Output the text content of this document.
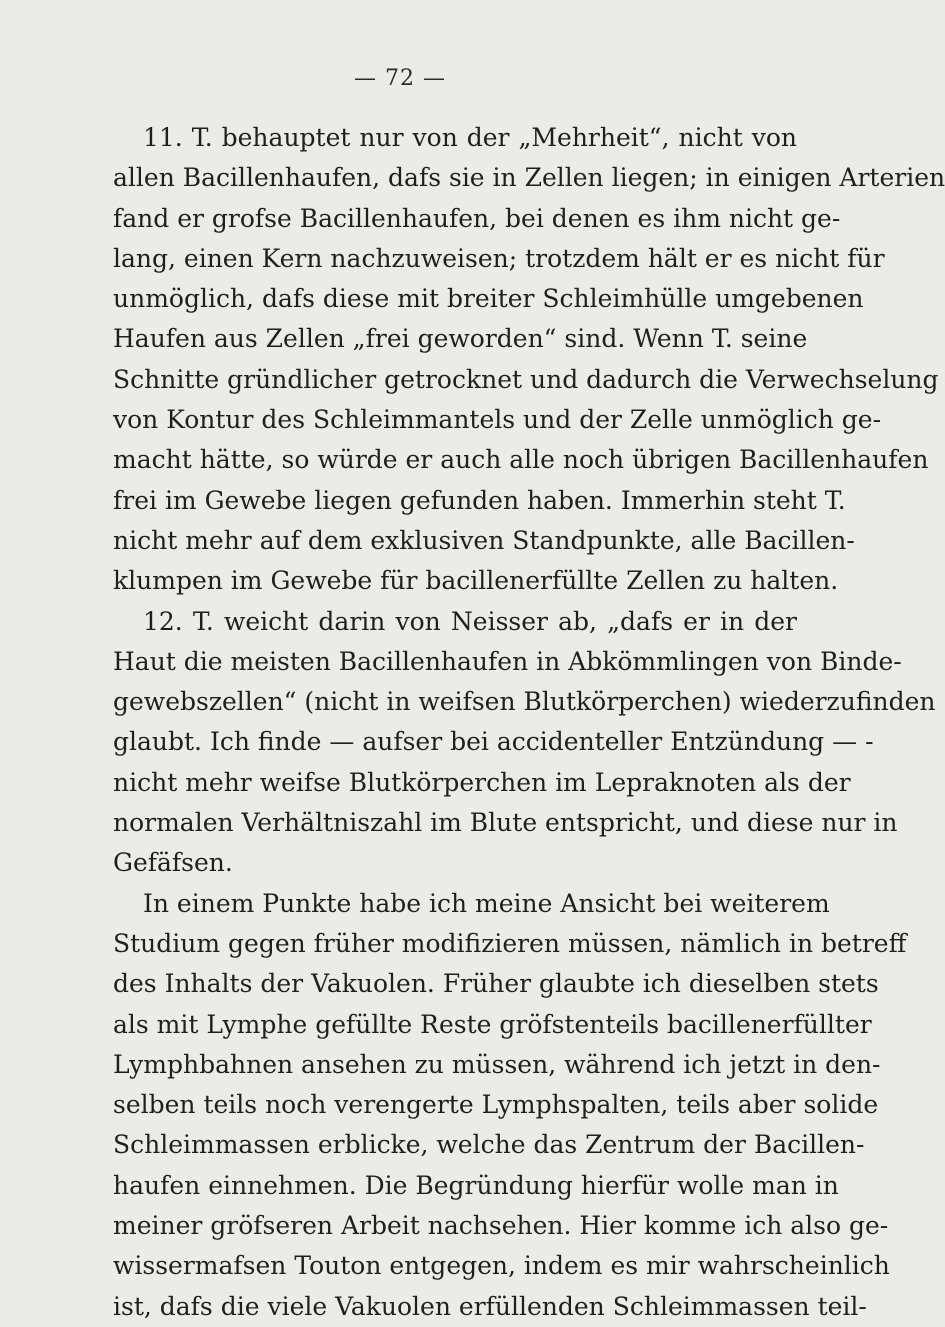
— 72 —

11. T. behauptet nur von der „Mehrheit“, nicht von
allen Bacillenhaufen, dafs sie in Zellen liegen; in einigen Arterien
fand er grofse Bacillenhaufen, bei denen es ihm nicht ge-
lang, einen Kern nachzuweisen; trotzdem hält er es nicht für
unmöglich, dafs diese mit breiter Schleimhülle umgebenen
Haufen aus Zellen „frei geworden“ sind. Wenn T. seine
Schnitte gründlicher getrocknet und dadurch die Verwechselung
von Kontur des Schleimmantels und der Zelle unmöglich ge-
macht hätte, so würde er auch alle noch übrigen Bacillenhaufen
frei im Gewebe liegen gefunden haben. Immerhin steht T.
nicht mehr auf dem exklusiven Standpunkte, alle Bacillen-
klumpen im Gewebe für bacillenerfüllte Zellen zu halten.
12. T. weicht darin von Neisser ab, „dafs er in der
Haut die meisten Bacillenhaufen in Abkömmlingen von Binde-
gewebszellen“ (nicht in weifsen Blutkörperchen) wiederzufinden
glaubt. Ich finde — aufser bei accidenteller Entzündung — -
nicht mehr weifse Blutkörperchen im Lepraknoten als der
normalen Verhältniszahl im Blute entspricht, und diese nur in
Gefäfsen.
In einem Punkte habe ich meine Ansicht bei weiterem
Studium gegen früher modifizieren müssen, nämlich in betreff
des Inhalts der Vakuolen. Früher glaubte ich dieselben stets
als mit Lymphe gefüllte Reste gröfstenteils bacillenerfüllter
Lymphbahnen ansehen zu müssen, während ich jetzt in den-
selben teils noch verengerte Lymphspalten, teils aber solide
Schleimmassen erblicke, welche das Zentrum der Bacillen-
haufen einnehmen. Die Begründung hierfür wolle man in
meiner gröfseren Arbeit nachsehen. Hier komme ich also ge-
wissermafsen Touton entgegen, indem es mir wahrscheinlich
ist, dafs die viele Vakuolen erfüllenden Schleimmassen teil-
